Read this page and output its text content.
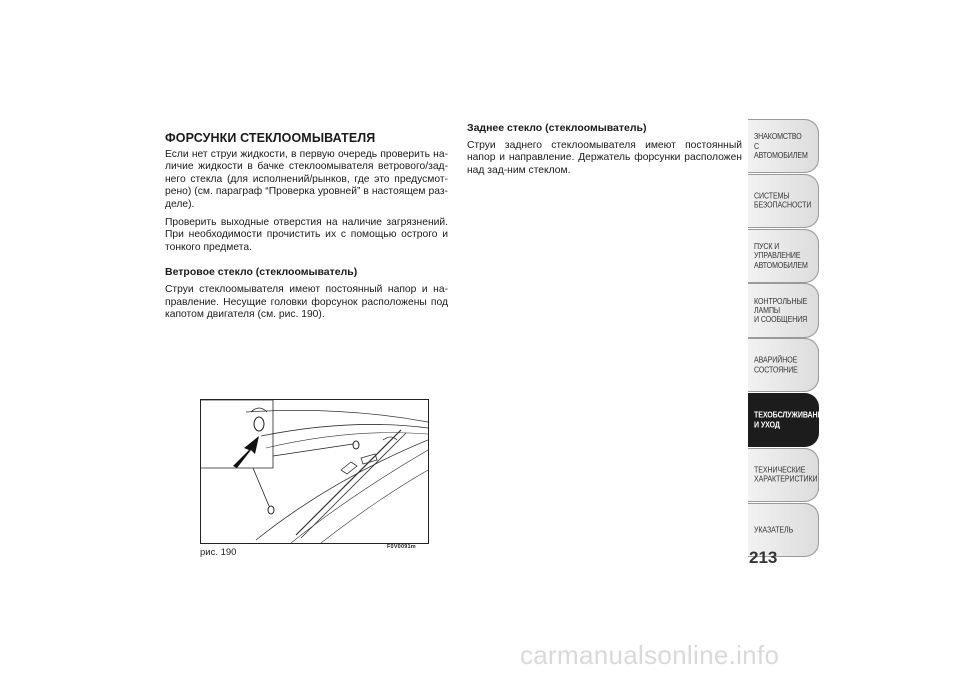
ФОРСУНКИ СТЕКЛООМЫВАТЕЛЯ
Если нет струи жидкости, в первую очередь проверить на-личие жидкости в бачке стеклоомывателя ветрового/зад-него стекла (для исполнений/рынков, где это предусмот-рено) (см. параграф “Проверка уровней” в настоящем раз-деле).
Проверить выходные отверстия на наличие загрязнений. При необходимости прочистить их с помощью острого и тонкого предмета.
Ветровое стекло (стеклоомыватель)
Струи стеклоомывателя имеют постоянный напор и на-правление. Несущие головки форсунок расположены под капотом двигателя (см. рис. 190).
Заднее стекло (стеклоомыватель)
Струи заднего стеклоомывателя имеют постоянный напор и направление. Держатель форсунки расположен над зад-ним стеклом.
рис. 190	F0V0091m
ЗНАКОМСТВО С
АВТОМОБИЛЕМ
СИСТЕМЫ
БЕЗОПАСНОСТИ
ПУСК И УПРАВЛЕНИЕ
АВТОМОБИЛЕМ
КОНТРОЛЬНЫЕ
ЛАМПЫ
И СООБЩЕНИЯ
АВАРИЙНОЕ
СОСТОЯНИЕ
ТЕХОБСЛУЖИВАНИЕ
И УХОД
ТЕХНИЧЕСКИЕ
ХАРАКТЕРИСТИКИ
УКАЗАТЕЛЬ
213
carmanualsonline.info
